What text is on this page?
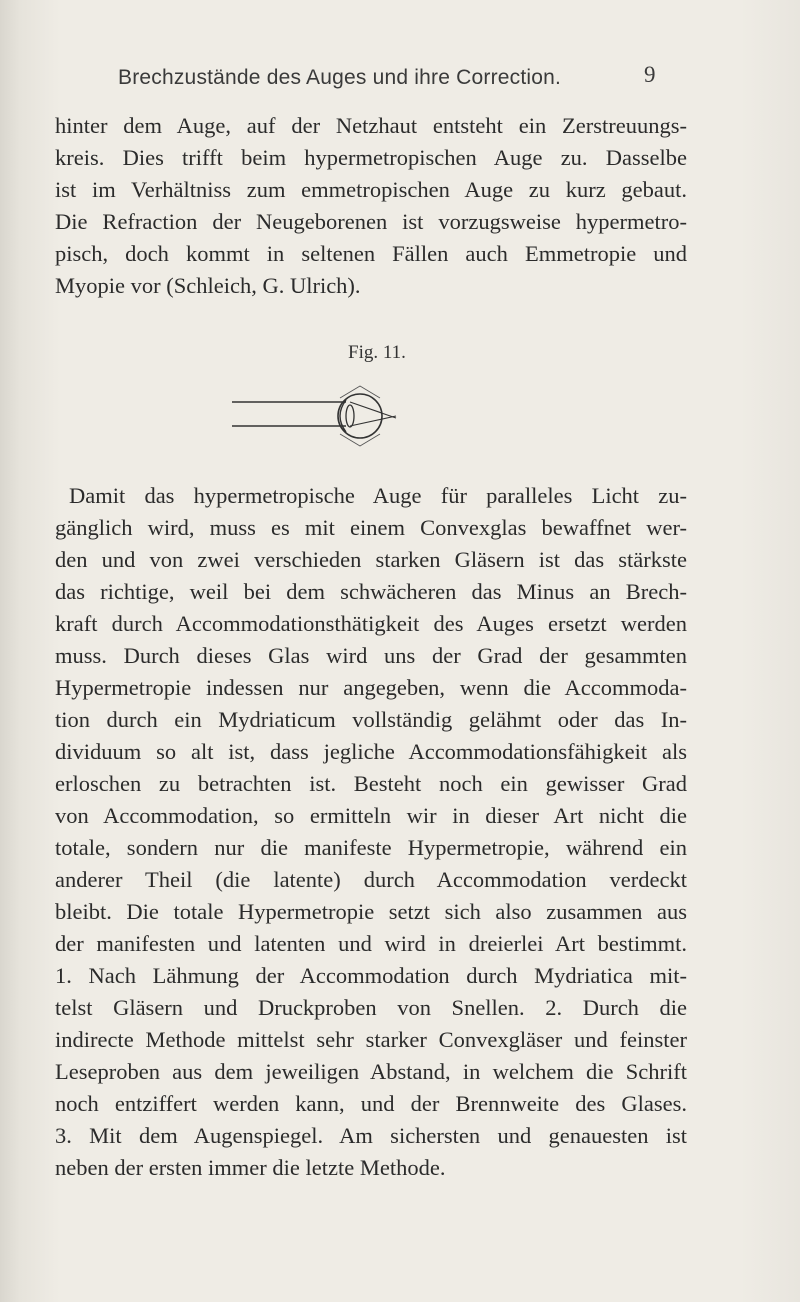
Brechzustände des Auges und ihre Correction.	9
hinter dem Auge, auf der Netzhaut entsteht ein Zerstreuungs-
kreis. Dies trifft beim hypermetropischen Auge zu. Dasselbe
ist im Verhältniss zum emmetropischen Auge zu kurz gebaut.
Die Refraction der Neugeborenen ist vorzugsweise hypermetro-
pisch, doch kommt in seltenen Fällen auch Emmetropie und
Myopie vor (Schleich, G. Ulrich).
Fig. 11.
Damit das hypermetropische Auge für paralleles Licht zu-
gänglich wird, muss es mit einem Convexglas bewaffnet wer-
den und von zwei verschieden starken Gläsern ist das stärkste
das richtige, weil bei dem schwächeren das Minus an Brech-
kraft durch Accommodationsthätigkeit des Auges ersetzt werden
muss. Durch dieses Glas wird uns der Grad der gesammten
Hypermetropie indessen nur angegeben, wenn die Accommoda-
tion durch ein Mydriaticum vollständig gelähmt oder das In-
dividuum so alt ist, dass jegliche Accommodationsfähigkeit als
erloschen zu betrachten ist. Besteht noch ein gewisser Grad
von Accommodation, so ermitteln wir in dieser Art nicht die
totale, sondern nur die manifeste Hypermetropie, während ein
anderer Theil (die latente) durch Accommodation verdeckt
bleibt. Die totale Hypermetropie setzt sich also zusammen aus
der manifesten und latenten und wird in dreierlei Art bestimmt.
1. Nach Lähmung der Accommodation durch Mydriatica mit-
telst Gläsern und Druckproben von Snellen. 2. Durch die
indirecte Methode mittelst sehr starker Convexgläser und feinster
Leseproben aus dem jeweiligen Abstand, in welchem die Schrift
noch entziffert werden kann, und der Brennweite des Glases.
3. Mit dem Augenspiegel. Am sichersten und genauesten ist
neben der ersten immer die letzte Methode.
